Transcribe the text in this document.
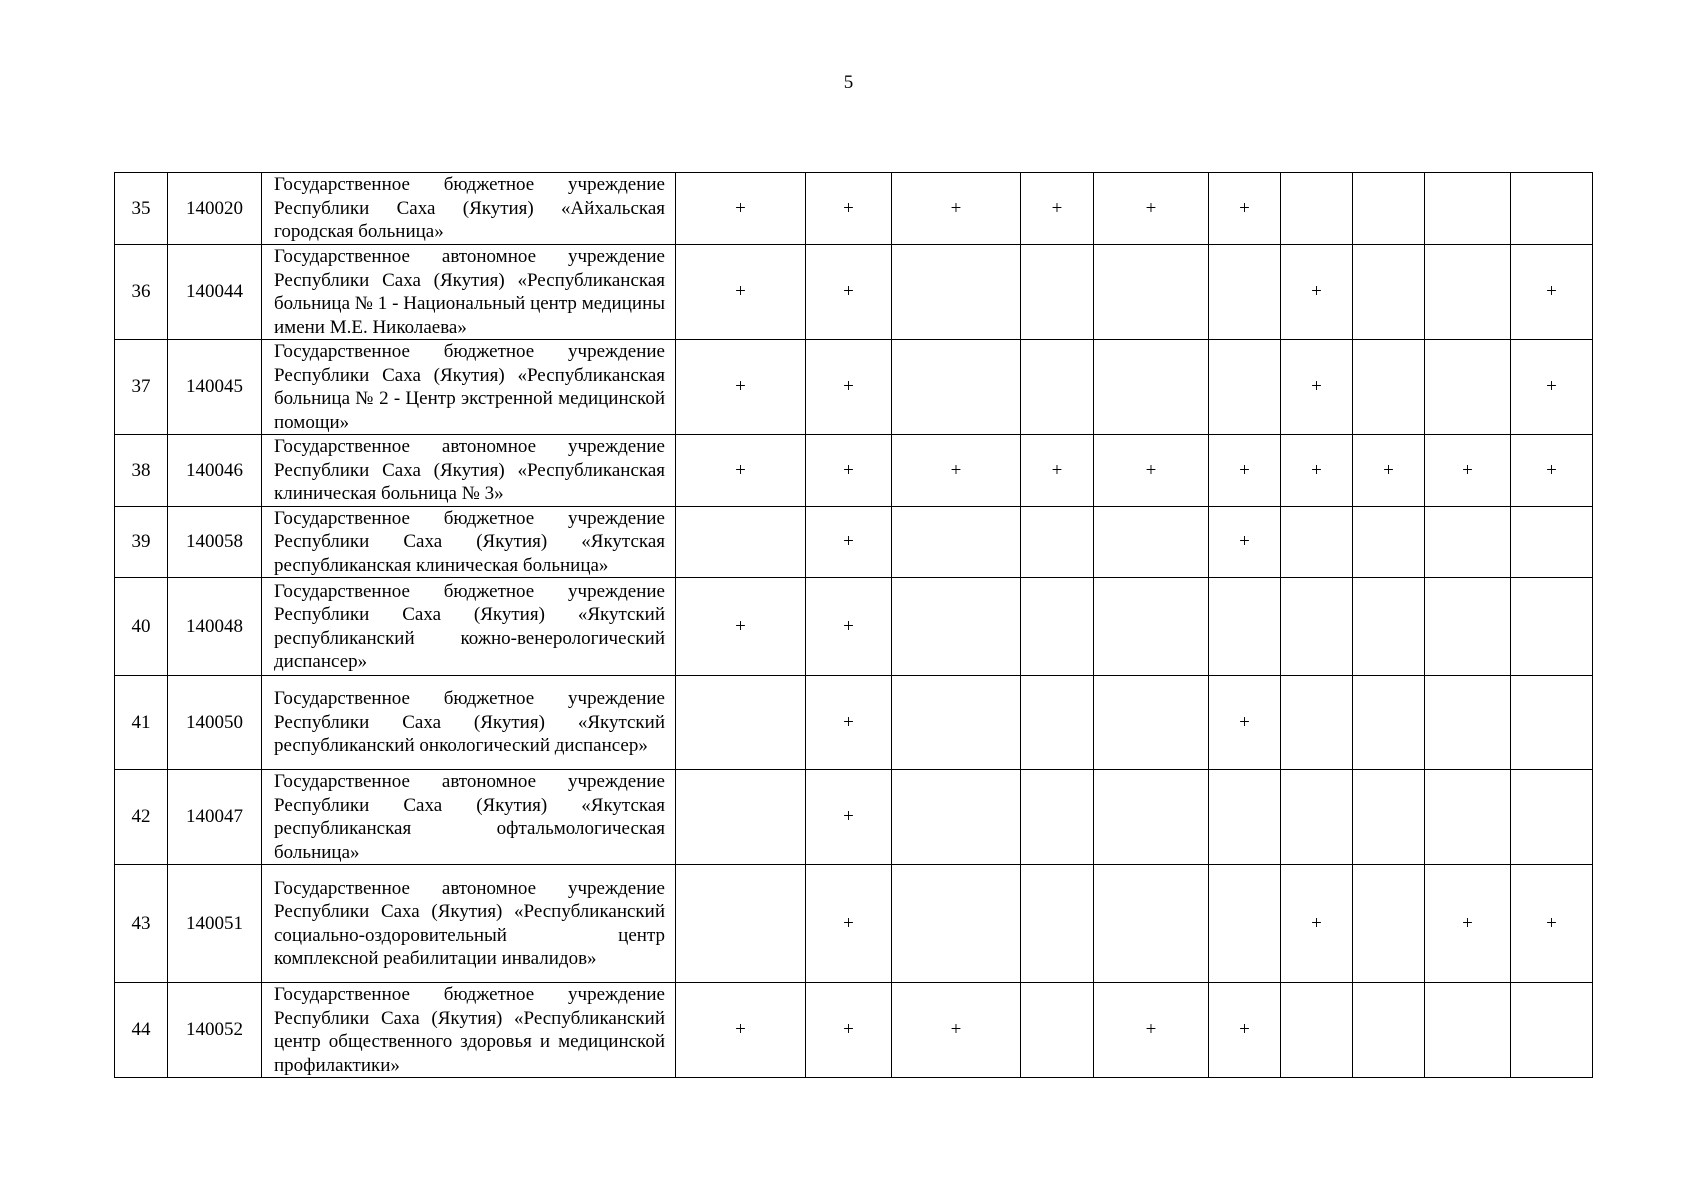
5
35	140020	Государственное бюджетное учреждение Республики Саха (Якутия) «Айхальская городская больница»	+	+	+	+	+	+				
36	140044	Государственное автономное учреждение Республики Саха (Якутия) «Республиканская больница № 1 - Национальный центр медицины имени М.Е. Николаева»	+	+					+			+
37	140045	Государственное бюджетное учреждение Республики Саха (Якутия) «Республиканская больница № 2 - Центр экстренной медицинской помощи»	+	+					+			+
38	140046	Государственное автономное учреждение Республики Саха (Якутия) «Республиканская клиническая больница № 3»	+	+	+	+	+	+	+	+	+	+
39	140058	Государственное бюджетное учреждение Республики Саха (Якутия) «Якутская республиканская клиническая больница»		+				+				
40	140048	Государственное бюджетное учреждение Республики Саха (Якутия) «Якутский республиканский кожно-венерологический диспансер»	+	+								
41	140050	Государственное бюджетное учреждение Республики Саха (Якутия) «Якутский республиканский онкологический диспансер»		+				+				
42	140047	Государственное автономное учреждение Республики Саха (Якутия) «Якутская республиканская офтальмологическая больница»		+								
43	140051	Государственное автономное учреждение Республики Саха (Якутия) «Республиканский социально-оздоровительный центр комплексной реабилитации инвалидов»		+					+		+	+
44	140052	Государственное бюджетное учреждение Республики Саха (Якутия) «Республиканский центр общественного здоровья и медицинской профилактики»	+	+	+		+	+				
